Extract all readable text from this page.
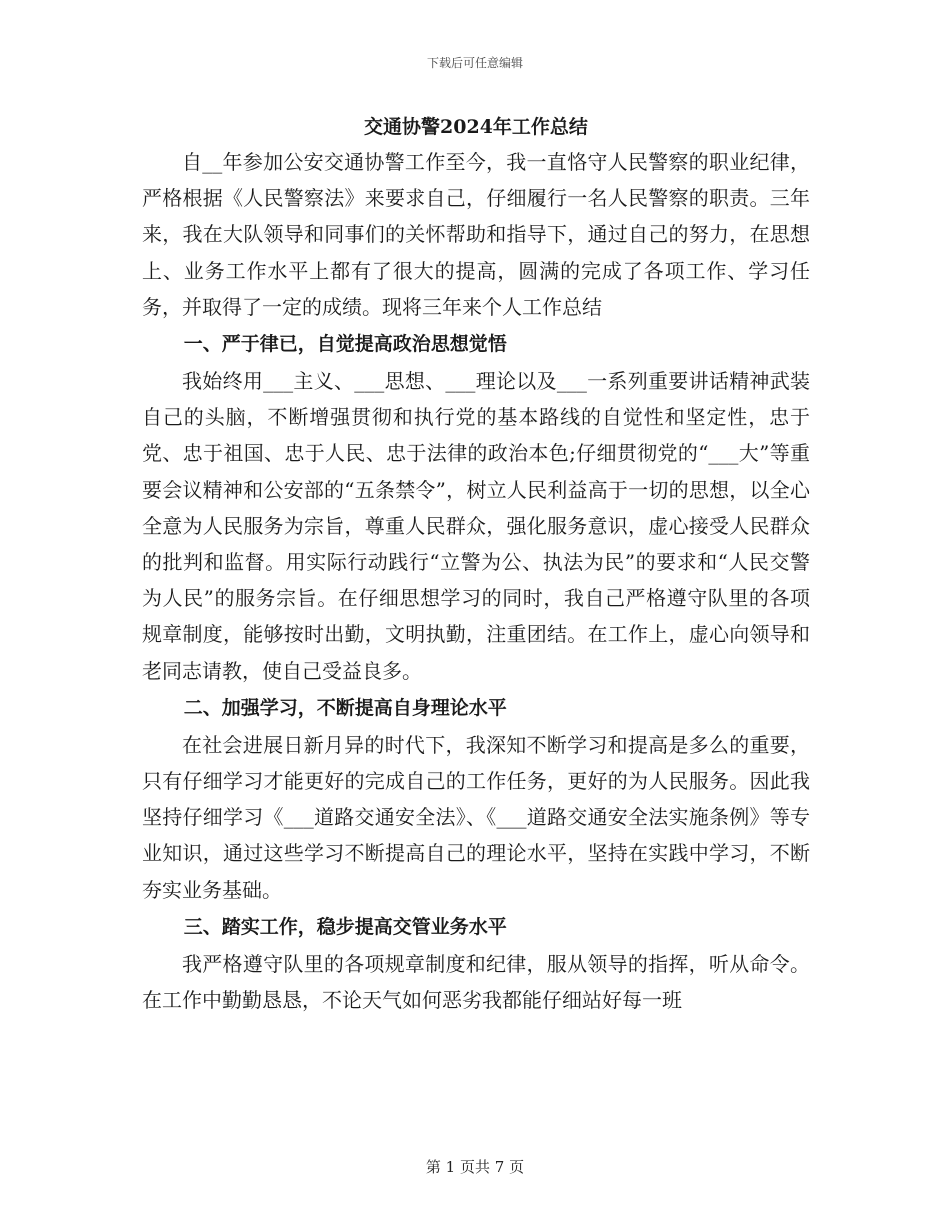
下载后可任意编辑

交通协警2024年工作总结

自__年参加公安交通协警工作至今，我一直恪守人民警察的职业纪律，严格根据《人民警察法》来要求自己，仔细履行一名人民警察的职责。三年来，我在大队领导和同事们的关怀帮助和指导下，通过自己的努力，在思想上、业务工作水平上都有了很大的提高，圆满的完成了各项工作、学习任务，并取得了一定的成绩。现将三年来个人工作总结

一、严于律已，自觉提高政治思想觉悟

我始终用___主义、___思想、___理论以及___一系列重要讲话精神武装自己的头脑，不断增强贯彻和执行党的基本路线的自觉性和坚定性，忠于党、忠于祖国、忠于人民、忠于法律的政治本色;仔细贯彻党的“___大”等重要会议精神和公安部的“五条禁令”，树立人民利益高于一切的思想，以全心全意为人民服务为宗旨，尊重人民群众，强化服务意识，虚心接受人民群众的批判和监督。用实际行动践行“立警为公、执法为民”的要求和“人民交警为人民”的服务宗旨。在仔细思想学习的同时，我自己严格遵守队里的各项规章制度，能够按时出勤，文明执勤，注重团结。在工作上，虚心向领导和老同志请教，使自己受益良多。

二、加强学习，不断提高自身理论水平

在社会进展日新月异的时代下，我深知不断学习和提高是多么的重要，只有仔细学习才能更好的完成自己的工作任务，更好的为人民服务。因此我坚持仔细学习《___道路交通安全法》、《___道路交通安全法实施条例》等专业知识，通过这些学习不断提高自己的理论水平，坚持在实践中学习，不断夯实业务基础。

三、踏实工作，稳步提高交管业务水平

我严格遵守队里的各项规章制度和纪律，服从领导的指挥，听从命令。在工作中勤勤恳恳，不论天气如何恶劣我都能仔细站好每一班

第 1 页共 7 页
